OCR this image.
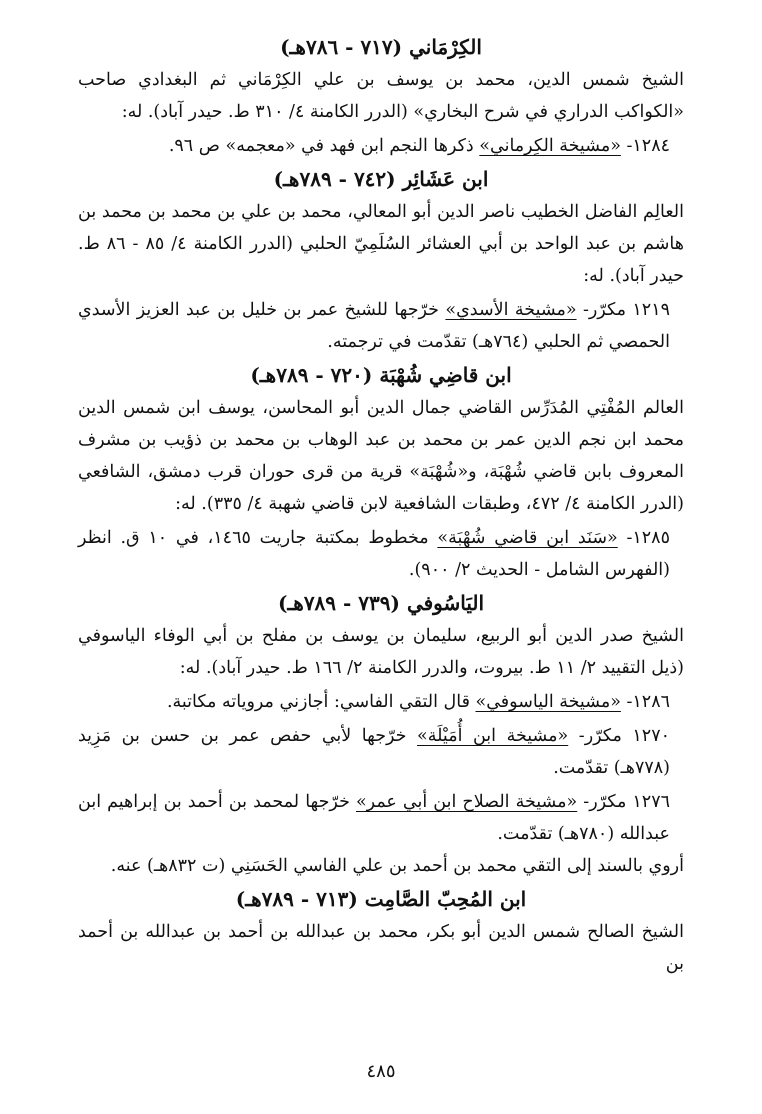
الكِرْمَاني (٧١٧ - ٧٨٦هـ)

الشيخ شمس الدين، محمد بن يوسف بن علي الكِرْمَاني ثم البغدادي صاحب «الكواكب الدراري في شرح البخاري» (الدرر الكامنة ٤/ ٣١٠ ط. حيدر آباد). له:

١٢٨٤- «مشيخة الكِرماني» ذكرها النجم ابن فهد في «معجمه» ص ٩٦.

ابن عَشَائِر (٧٤٢ - ٧٨٩هـ)

العالِم الفاضل الخطيب ناصر الدين أبو المعالي، محمد بن علي بن محمد بن محمد بن هاشم بن عبد الواحد بن أبي العشائر السُلَمِيّ الحلبي (الدرر الكامنة ٤/ ٨٥ - ٨٦ ط. حيدر آباد). له:

١٢١٩ مكرّر- «مشيخة الأسدي» خرّجها للشيخ عمر بن خليل بن عبد العزيز الأسدي الحمصي ثم الحلبي (٧٦٤هـ) تقدّمت في ترجمته.

ابن قاضِي شُهْبَة (٧٢٠ - ٧٨٩هـ)

العالم المُفْتِي المُدَرِّس القاضي جمال الدين أبو المحاسن، يوسف ابن شمس الدين محمد ابن نجم الدين عمر بن محمد بن عبد الوهاب بن محمد بن ذؤيب بن مشرف المعروف بابن قاضي شُهْبَة، و«شُهْبَة» قرية من قرى حوران قرب دمشق، الشافعي (الدرر الكامنة ٤/ ٤٧٢، وطبقات الشافعية لابن قاضي شهبة ٤/ ٣٣٥). له:

١٢٨٥- «سَنَد ابن قاضي شُهْبَة» مخطوط بمكتبة جاريت ١٤٦٥، في ١٠ ق. انظر (الفهرس الشامل - الحديث ٢/ ٩٠٠).

اليَاسُوفي (٧٣٩ - ٧٨٩هـ)

الشيخ صدر الدين أبو الربيع، سليمان بن يوسف بن مفلح بن أبي الوفاء الياسوفي (ذيل التقييد ٢/ ١١ ط. بيروت، والدرر الكامنة ٢/ ١٦٦ ط. حيدر آباد). له:

١٢٨٦- «مشيخة الياسوفي» قال التقي الفاسي: أجازني مروياته مكاتبة.

١٢٧٠ مكرّر- «مشيخة ابن أُمَيْلَة» خرّجها لأبي حفص عمر بن حسن بن مَزِيد (٧٧٨هـ) تقدّمت.

١٢٧٦ مكرّر- «مشيخة الصلاح ابن أبي عمر» خرّجها لمحمد بن أحمد بن إبراهيم ابن عبدالله (٧٨٠هـ) تقدّمت.

أروي بالسند إلى التقي محمد بن أحمد بن علي الفاسي الحَسَنِي (ت ٨٣٢هـ) عنه.

ابن المُحِبّ الصَّامِت (٧١٣ - ٧٨٩هـ)

الشيخ الصالح شمس الدين أبو بكر، محمد بن عبدالله بن أحمد بن عبدالله بن أحمد بن

٤٨٥
